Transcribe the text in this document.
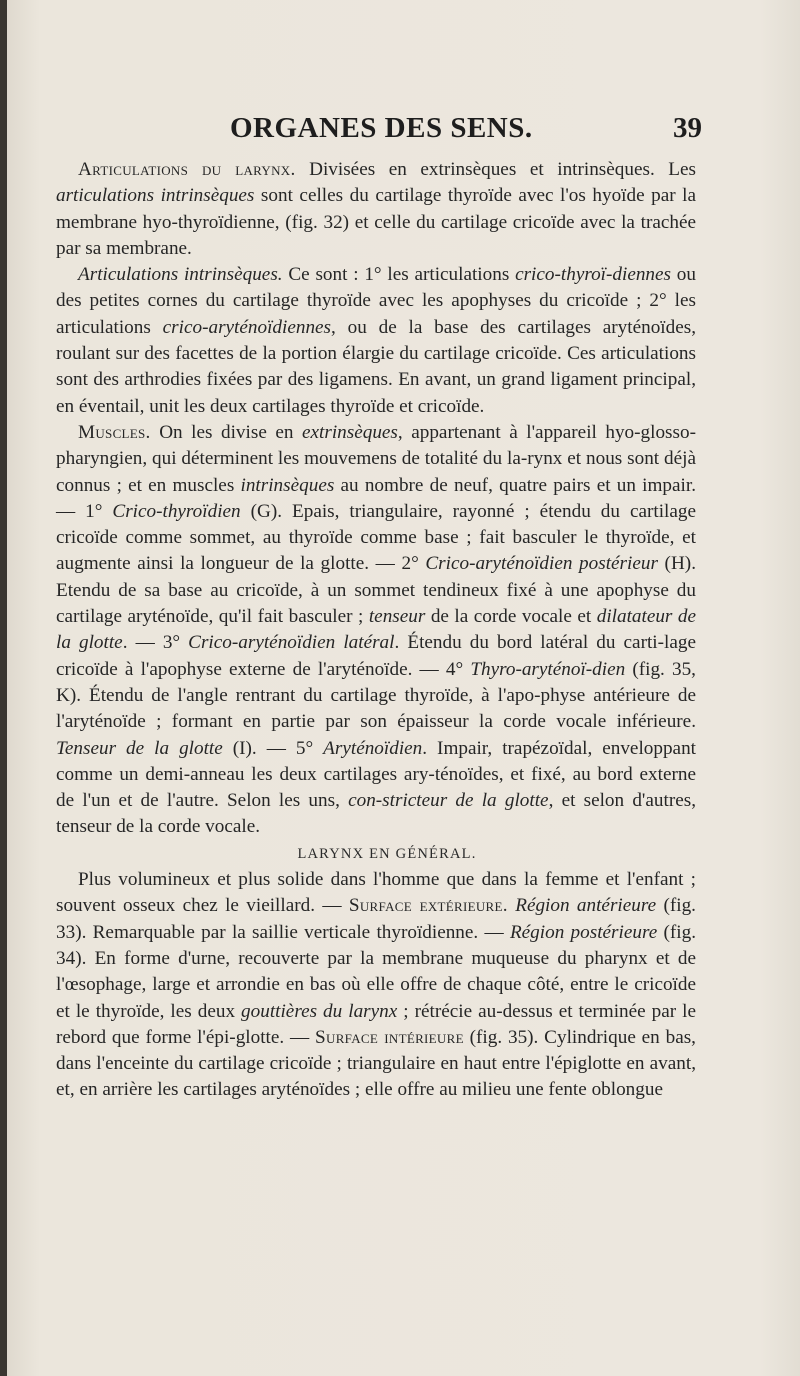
ORGANES DES SENS.	39

Articulations du larynx. Divisées en extrinsèques et intrinsèques. Les articulations intrinsèques sont celles du cartilage thyroïde avec l'os hyoïde par la membrane hyo-thyroïdienne, (fig. 32) et celle du cartilage cricoïde avec la trachée par sa membrane.

Articulations intrinsèques. Ce sont : 1° les articulations crico-thyroï-diennes ou des petites cornes du cartilage thyroïde avec les apophyses du cricoïde ; 2° les articulations crico-aryténoïdiennes, ou de la base des cartilages aryténoïdes, roulant sur des facettes de la portion élargie du cartilage cricoïde. Ces articulations sont des arthrodies fixées par des ligamens. En avant, un grand ligament principal, en éventail, unit les deux cartilages thyroïde et cricoïde.

Muscles. On les divise en extrinsèques, appartenant à l'appareil hyo-glosso-pharyngien, qui déterminent les mouvemens de totalité du la-rynx et nous sont déjà connus ; et en muscles intrinsèques au nombre de neuf, quatre pairs et un impair. — 1° Crico-thyroïdien (G). Epais, triangulaire, rayonné ; étendu du cartilage cricoïde comme sommet, au thyroïde comme base ; fait basculer le thyroïde, et augmente ainsi la longueur de la glotte. — 2° Crico-aryténoïdien postérieur (H). Etendu de sa base au cricoïde, à un sommet tendineux fixé à une apophyse du cartilage aryténoïde, qu'il fait basculer ; tenseur de la corde vocale et dilatateur de la glotte. — 3° Crico-aryténoïdien latéral. Étendu du bord latéral du carti-lage cricoïde à l'apophyse externe de l'aryténoïde. — 4° Thyro-aryténoï-dien (fig. 35, K). Étendu de l'angle rentrant du cartilage thyroïde, à l'apo-physe antérieure de l'aryténoïde ; formant en partie par son épaisseur la corde vocale inférieure. Tenseur de la glotte (I). — 5° Aryténoïdien. Impair, trapézoïdal, enveloppant comme un demi-anneau les deux cartilages ary-ténoïdes, et fixé, au bord externe de l'un et de l'autre. Selon les uns, con-stricteur de la glotte, et selon d'autres, tenseur de la corde vocale.

LARYNX EN GÉNÉRAL.

Plus volumineux et plus solide dans l'homme que dans la femme et l'enfant ; souvent osseux chez le vieillard. — Surface extérieure. Région antérieure (fig. 33). Remarquable par la saillie verticale thyroïdienne. — Région postérieure (fig. 34). En forme d'urne, recouverte par la membrane muqueuse du pharynx et de l'œsophage, large et arrondie en bas où elle offre de chaque côté, entre le cricoïde et le thyroïde, les deux gouttières du larynx ; rétrécie au-dessus et terminée par le rebord que forme l'épi-glotte. — Surface intérieure (fig. 35). Cylindrique en bas, dans l'enceinte du cartilage cricoïde ; triangulaire en haut entre l'épiglotte en avant, et, en arrière les cartilages aryténoïdes ; elle offre au milieu une fente oblongue
